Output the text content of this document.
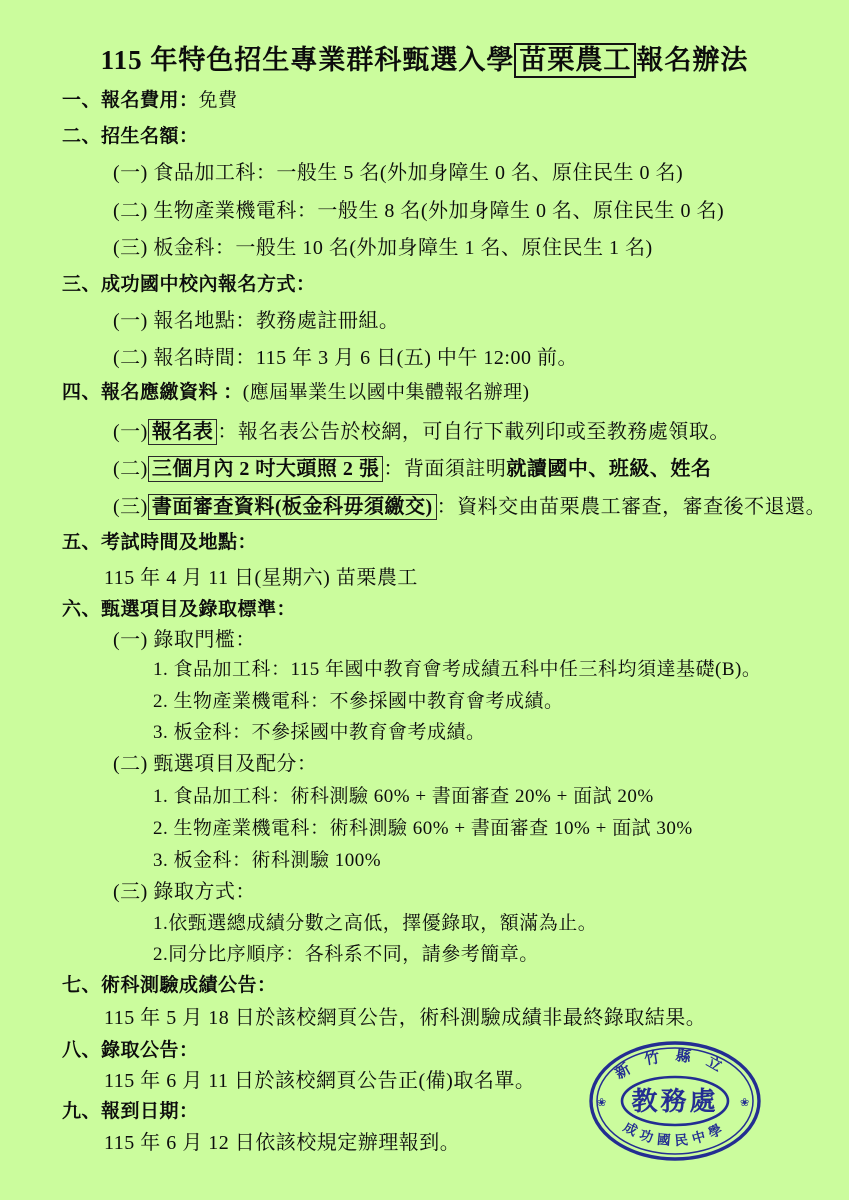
115 年特色招生專業群科甄選入學 苗栗農工 報名辦法
一、報名費用：免費
二、招生名額：
(一) 食品加工科：一般生 5 名(外加身障生 0 名、原住民生 0 名)
(二) 生物產業機電科：一般生 8 名(外加身障生 0 名、原住民生 0 名)
(三) 板金科：一般生 10 名(外加身障生 1 名、原住民生 1 名)
三、成功國中校內報名方式：
(一) 報名地點：教務處註冊組。
(二) 報名時間：115 年 3 月 6 日(五) 中午 12:00 前。
四、報名應繳資料 ：(應屆畢業生以國中集體報名辦理)
(一) 報名表 ：報名表公告於校網，可自行下載列印或至教務處領取。
(二) 三個月內 2 吋大頭照 2 張 ：背面須註明就讀國中、班級、姓名
(三) 書面審查資料(板金科毋須繳交) ：資料交由苗栗農工審查，審查後不退還。
五、考試時間及地點：
115 年 4 月 11 日(星期六) 苗栗農工
六、甄選項目及錄取標準：
(一) 錄取門檻：
1. 食品加工科：115 年國中教育會考成績五科中任三科均須達基礎(B)。
2. 生物產業機電科：不參採國中教育會考成績。
3. 板金科：不參採國中教育會考成績。
(二) 甄選項目及配分：
1. 食品加工科：術科測驗 60% + 書面審查 20% + 面試 20%
2. 生物產業機電科：術科測驗 60% + 書面審查 10% + 面試 30%
3. 板金科：術科測驗 100%
(三) 錄取方式：
1.依甄選總成績分數之高低，擇優錄取，額滿為止。
2.同分比序順序：各科系不同，請參考簡章。
七、術科測驗成績公告：
115 年 5 月 18 日於該校網頁公告，術科測驗成績非最終錄取結果。
八、錄取公告：
115 年 6 月 11 日於該校網頁公告正(備)取名單。
九、報到日期：
115 年 6 月 12 日依該校規定辦理報到。
新竹縣立
成功國民中學
教務處
❀	❀
